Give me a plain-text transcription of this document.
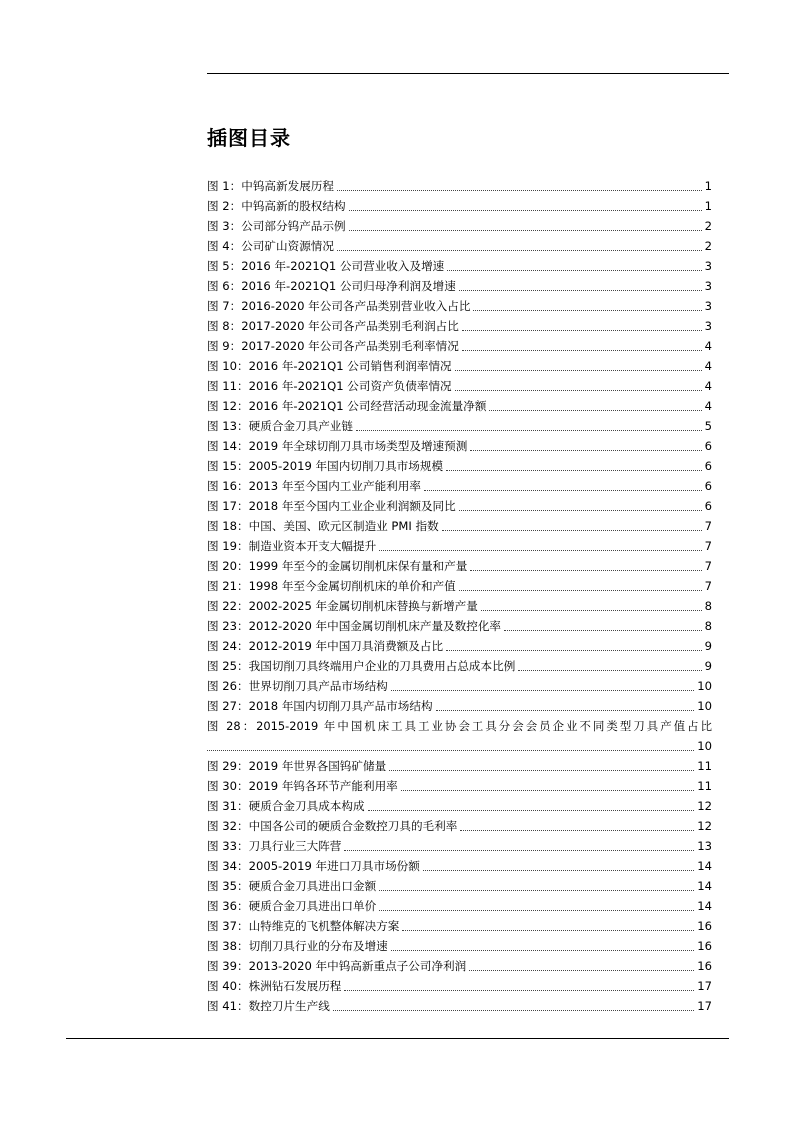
插图目录
图 1：中钨高新发展历程	1
图 2：中钨高新的股权结构	1
图 3：公司部分钨产品示例	2
图 4：公司矿山资源情况	2
图 5：2016 年-2021Q1 公司营业收入及增速	3
图 6：2016 年-2021Q1 公司归母净利润及增速	3
图 7：2016-2020 年公司各产品类别营业收入占比	3
图 8：2017-2020 年公司各产品类别毛利润占比	3
图 9：2017-2020 年公司各产品类别毛利率情况	4
图 10：2016 年-2021Q1 公司销售利润率情况	4
图 11：2016 年-2021Q1 公司资产负债率情况	4
图 12：2016 年-2021Q1 公司经营活动现金流量净额	4
图 13：硬质合金刀具产业链	5
图 14：2019 年全球切削刀具市场类型及增速预测	6
图 15：2005-2019 年国内切削刀具市场规模	6
图 16：2013 年至今国内工业产能利用率	6
图 17：2018 年至今国内工业企业利润额及同比	6
图 18：中国、美国、欧元区制造业 PMI 指数	7
图 19：制造业资本开支大幅提升	7
图 20：1999 年至今的金属切削机床保有量和产量	7
图 21：1998 年至今金属切削机床的单价和产值	7
图 22：2002-2025 年金属切削机床替换与新增产量	8
图 23：2012-2020 年中国金属切削机床产量及数控化率	8
图 24：2012-2019 年中国刀具消费额及占比	9
图 25：我国切削刀具终端用户企业的刀具费用占总成本比例	9
图 26：世界切削刀具产品市场结构	10
图 27：2018 年国内切削刀具产品市场结构	10
图 28：2015-2019 年中国机床工具工业协会工具分会会员企业不同类型刀具产值占比
10
图 29：2019 年世界各国钨矿储量	11
图 30：2019 年钨各环节产能利用率	11
图 31：硬质合金刀具成本构成	12
图 32：中国各公司的硬质合金数控刀具的毛利率	12
图 33：刀具行业三大阵营	13
图 34：2005-2019 年进口刀具市场份额	14
图 35：硬质合金刀具进出口金额	14
图 36：硬质合金刀具进出口单价	14
图 37：山特维克的飞机整体解决方案	16
图 38：切削刀具行业的分布及增速	16
图 39：2013-2020 年中钨高新重点子公司净利润	16
图 40：株洲钻石发展历程	17
图 41：数控刀片生产线	17
